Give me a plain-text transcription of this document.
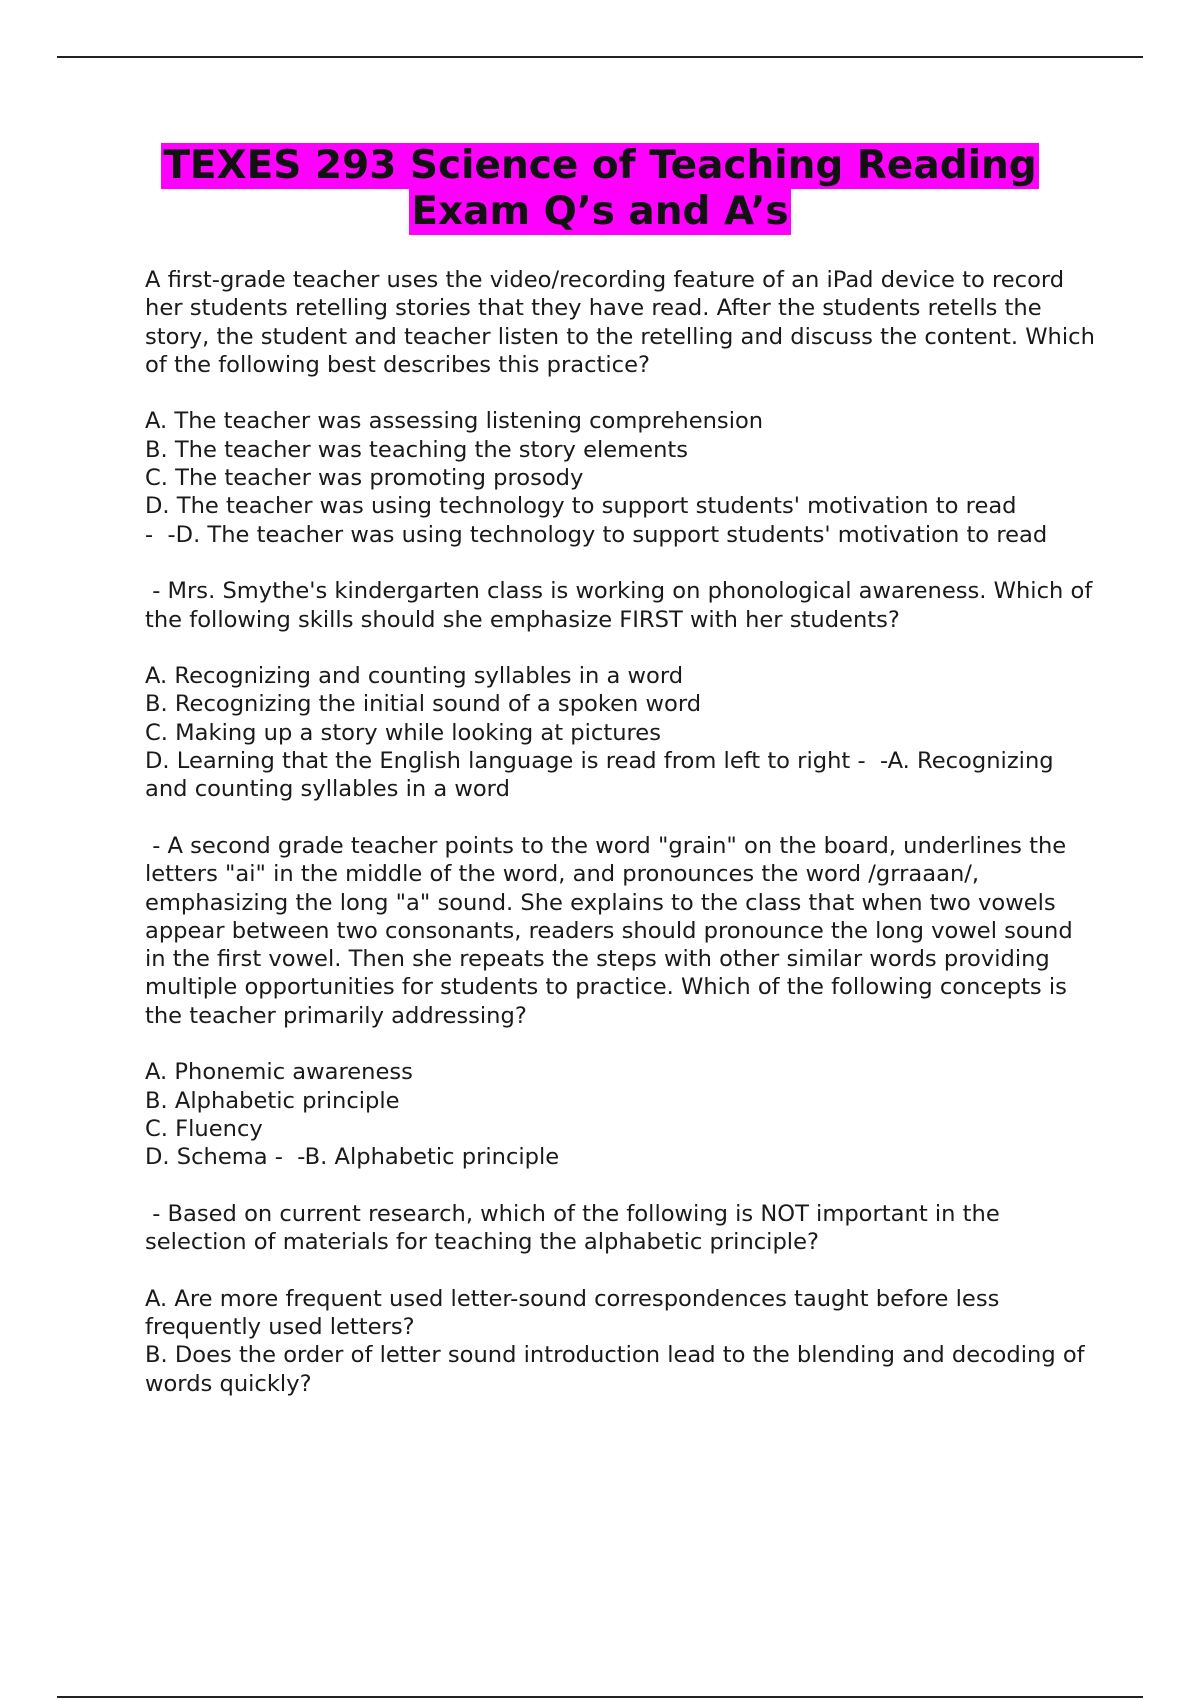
TEXES 293 Science of Teaching Reading
Exam Q’s and A’s

A first-grade teacher uses the video/recording feature of an iPad device to record her students retelling stories that they have read. After the students retells the story, the student and teacher listen to the retelling and discuss the content. Which of the following best describes this practice?

A. The teacher was assessing listening comprehension

B. The teacher was teaching the story elements

C. The teacher was promoting prosody

D. The teacher was using technology to support students' motivation to read

-  -D. The teacher was using technology to support students' motivation to read

- Mrs. Smythe's kindergarten class is working on phonological awareness. Which of the following skills should she emphasize FIRST with her students?

A. Recognizing and counting syllables in a word

B. Recognizing the initial sound of a spoken word

C. Making up a story while looking at pictures

D. Learning that the English language is read from left to right -  -A. Recognizing and counting syllables in a word

- A second grade teacher points to the word "grain" on the board, underlines the letters "ai" in the middle of the word, and pronounces the word /grraaan/, emphasizing the long "a" sound. She explains to the class that when two vowels appear between two consonants, readers should pronounce the long vowel sound in the first vowel. Then she repeats the steps with other similar words providing multiple opportunities for students to practice. Which of the following concepts is the teacher primarily addressing?

A. Phonemic awareness

B. Alphabetic principle

C. Fluency

D. Schema -  -B. Alphabetic principle

- Based on current research, which of the following is NOT important in the selection of materials for teaching the alphabetic principle?

A. Are more frequent used letter-sound correspondences taught before less frequently used letters?

B. Does the order of letter sound introduction lead to the blending and decoding of words quickly?
